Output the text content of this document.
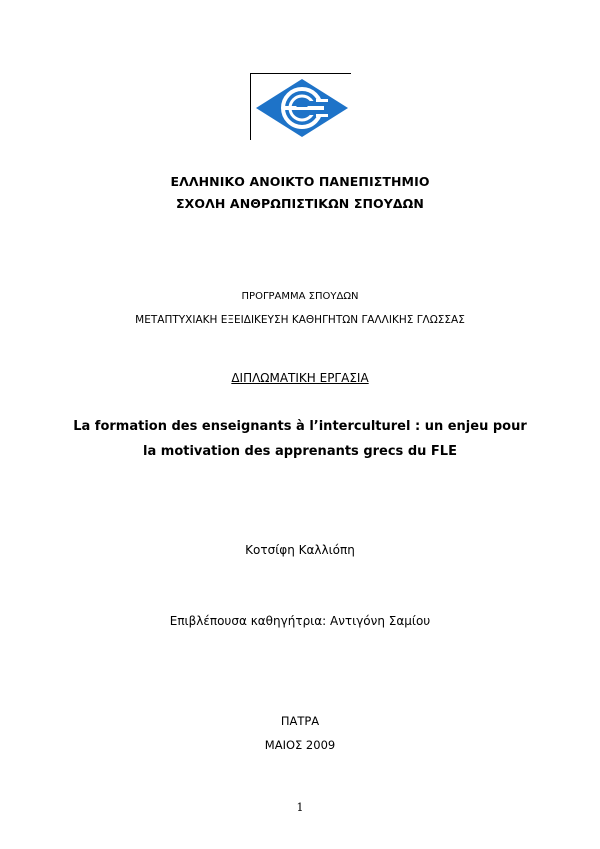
ΕΛΛΗΝΙΚΟ ΑΝΟΙΚΤΟ ΠΑΝΕΠΙΣΤΗΜΙΟ
ΣΧΟΛΗ ΑΝΘΡΩΠΙΣΤΙΚΩΝ ΣΠΟΥΔΩΝ
ΠΡΟΓΡΑΜΜΑ ΣΠΟΥΔΩΝ
ΜΕΤΑΠΤΥΧΙΑΚΗ ΕΞΕΙΔΙΚΕΥΣΗ ΚΑΘΗΓΗΤΩΝ ΓΑΛΛΙΚΗΣ ΓΛΩΣΣΑΣ
ΔΙΠΛΩΜΑΤΙΚΗ ΕΡΓΑΣΙΑ
La formation des enseignants à l’interculturel : un enjeu pour
la motivation des apprenants grecs du FLE
Κοτσίφη Καλλιόπη
Επιβλέπουσα καθηγήτρια: Αντιγόνη Σαμίου
ΠΑΤΡΑ
ΜΑΙΟΣ 2009
1
